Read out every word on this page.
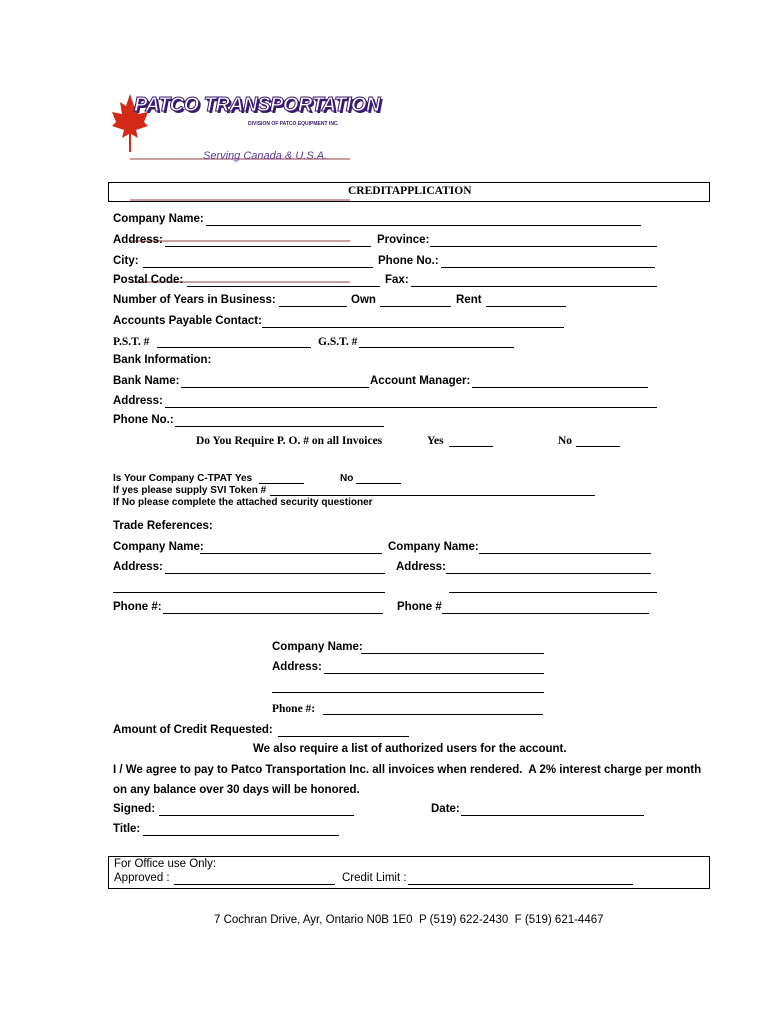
PATCO TRANSPORTATION

DIVISION OF PATCO EQUIPMENT INC.

Serving Canada & U.S.A.

CREDITAPPLICATION
Company Name:
Address:	Province:
City:	Phone No.:
Postal Code:	Fax:
Number of Years in Business:	Own	Rent
Accounts Payable Contact:
P.S.T. #	G.S.T. #
Bank Information:
Bank Name:	Account Manager:
Address:
Phone No.:
Do You Require P. O. # on all Invoices	Yes	No
Is Your Company C-TPAT Yes	No
If yes please supply SVI Token #
If No please complete the attached security questioner
Trade References:
Company Name:	Company Name:
Address:	Address:
Phone #:	Phone #
Company Name:
Address:
Phone #:
Amount of Credit Requested:
We also require a list of authorized users for the account.
I / We agree to pay to Patco Transportation Inc. all invoices when rendered.  A 2% interest charge per month
on any balance over 30 days will be honored.
Signed:	Date:
Title:
For Office use Only:
Approved :	Credit Limit :
7 Cochran Drive, Ayr, Ontario N0B 1E0  P (519) 622-2430  F (519) 621-4467
